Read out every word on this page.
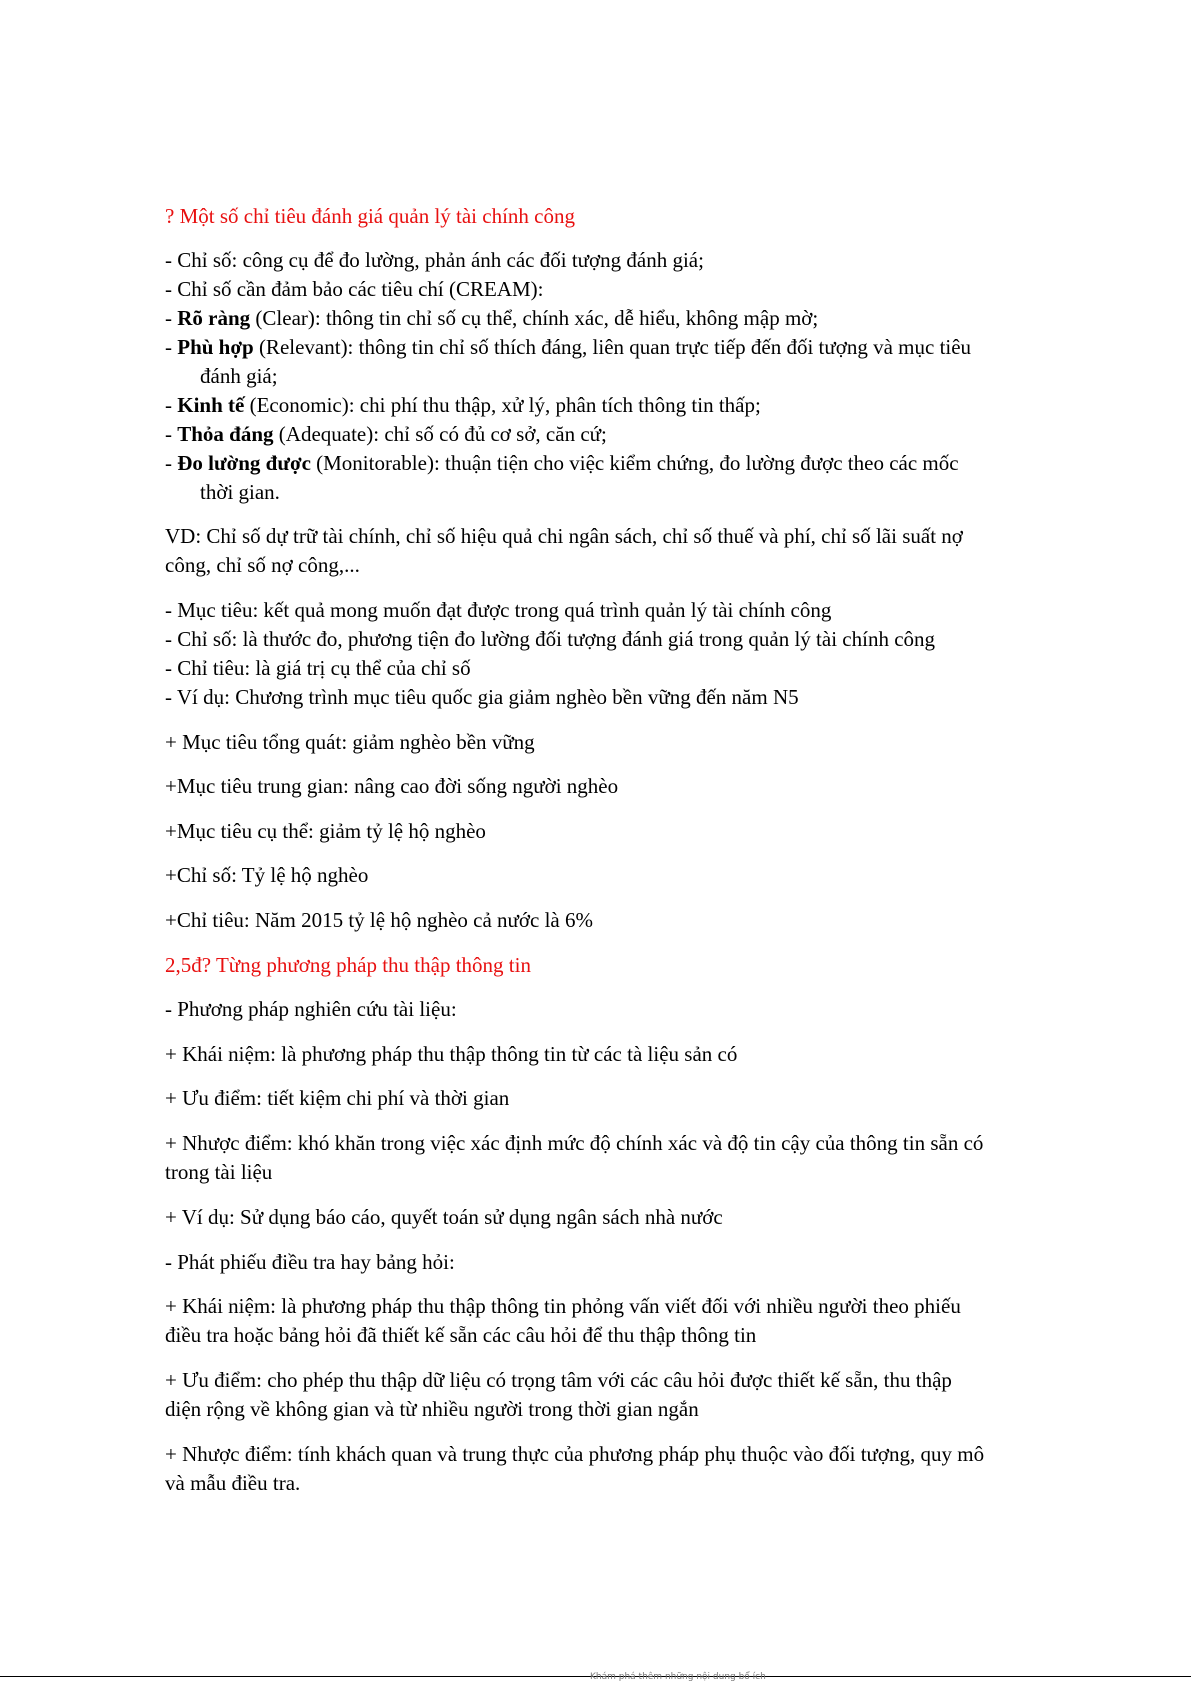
? Một số chỉ tiêu đánh giá quản lý tài chính công

- Chỉ số: công cụ để đo lường, phản ánh các đối tượng đánh giá;

- Chỉ số cần đảm bảo các tiêu chí (CREAM):

- Rõ ràng (Clear): thông tin chỉ số cụ thể, chính xác, dễ hiểu, không mập mờ;

- Phù hợp (Relevant): thông tin chỉ số thích đáng, liên quan trực tiếp đến đối tượng và mục tiêu

đánh giá;

- Kinh tế (Economic): chi phí thu thập, xử lý, phân tích thông tin thấp;

- Thỏa đáng (Adequate): chỉ số có đủ cơ sở, căn cứ;

- Đo lường được (Monitorable): thuận tiện cho việc kiểm chứng, đo lường được theo các mốc

thời gian.

VD: Chỉ số dự trữ tài chính, chỉ số hiệu quả chi ngân sách, chỉ số thuế và phí, chỉ số lãi suất nợ

công, chỉ số nợ công,...

- Mục tiêu: kết quả mong muốn đạt được trong quá trình quản lý tài chính công

- Chỉ số: là thước đo, phương tiện đo lường đối tượng đánh giá trong quản lý tài chính công

- Chỉ tiêu: là giá trị cụ thể của chỉ số

- Ví dụ: Chương trình mục tiêu quốc gia giảm nghèo bền vững đến năm N5

+ Mục tiêu tổng quát: giảm nghèo bền vững

+Mục tiêu trung gian: nâng cao đời sống người nghèo

+Mục tiêu cụ thể: giảm tỷ lệ hộ nghèo

+Chỉ số: Tỷ lệ hộ nghèo

+Chỉ tiêu: Năm 2015 tỷ lệ hộ nghèo cả nước là 6%

2,5đ? Từng phương pháp thu thập thông tin

- Phương pháp nghiên cứu tài liệu:

+ Khái niệm: là phương pháp thu thập thông tin từ các tà liệu sản có

+ Ưu điểm: tiết kiệm chi phí và thời gian

+ Nhược điểm: khó khăn trong việc xác định mức độ chính xác và độ tin cậy của thông tin sẵn có

trong tài liệu

+ Ví dụ: Sử dụng báo cáo, quyết toán sử dụng ngân sách nhà nước

- Phát phiếu điều tra hay bảng hỏi:

+ Khái niệm: là phương pháp thu thập thông tin phỏng vấn viết đối với nhiều người theo phiếu

điều tra hoặc bảng hỏi đã thiết kế sẵn các câu hỏi để thu thập thông tin

+ Ưu điểm: cho phép thu thập dữ liệu có trọng tâm với các câu hỏi được thiết kế sẵn, thu thập

diện rộng về không gian và từ nhiều người trong thời gian ngắn

+ Nhược điểm: tính khách quan và trung thực của phương pháp phụ thuộc vào đối tượng, quy mô

và mẫu điều tra.

Khám phá thêm những nội dung bổ ích
